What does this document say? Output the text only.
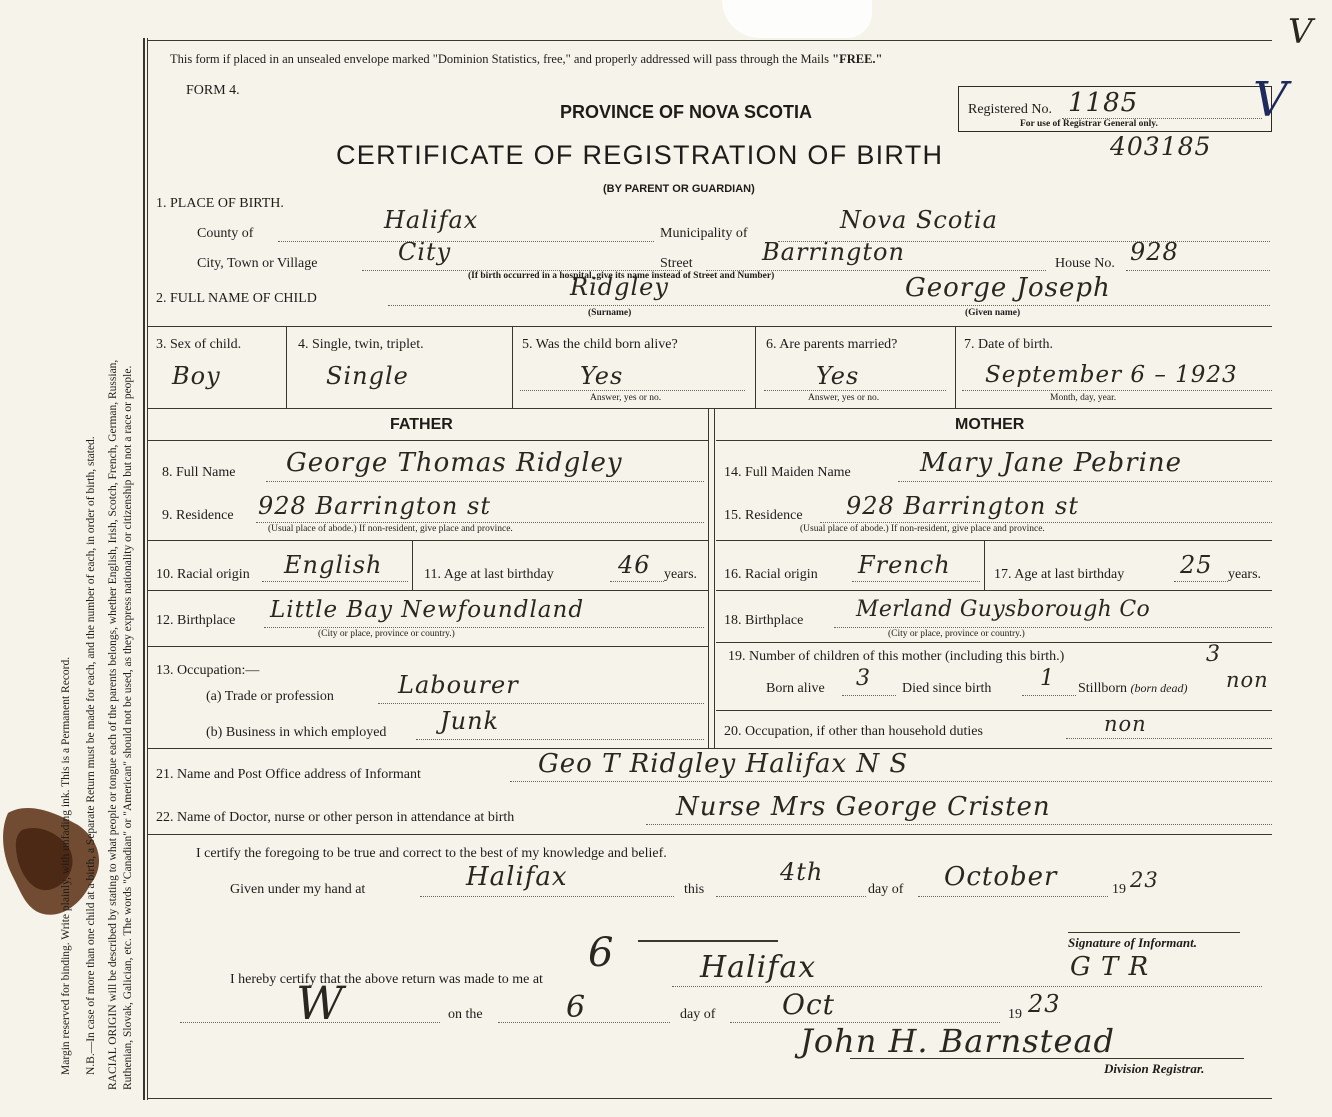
Margin reserved for binding. Write plainly, with unfading ink. This is a Permanent Record. N.B.—In case of more than one child at a birth, a Separate Return must be made for each, and the number of each, in order of birth, stated. RACIAL ORIGIN will be described by stating to what people or tongue each of the parents belongs, whether English, Irish, Scotch, French, German, Russian, Ruthenian, Slovak, Galician, etc. The words "Canadian" or "American" should not be used, as they express nationality or citizenship but not a race or people.
This form if placed in an unsealed envelope marked "Dominion Statistics, free," and properly addressed will pass through the Mails "FREE."
FORM 4.
PROVINCE OF NOVA SCOTIA
CERTIFICATE OF REGISTRATION OF BIRTH	403185
(BY PARENT OR GUARDIAN)
Registered No. 1185
For use of Registrar General only. V
V
1. PLACE OF BIRTH.
County of	Halifax	Municipality of	Nova Scotia
City, Town or Village	City	Street	Barrington
(If birth occurred in a hospital, give its name instead of Street and Number)
House No. 928
2. FULL NAME OF CHILD	Ridgley
(Surname)
George Joseph
(Given name)
3. Sex of child.
Boy
4. Single, twin, triplet.
Single
5. Was the child born alive?
Yes
Answer, yes or no.
6. Are parents married?
Yes
Answer, yes or no.
7. Date of birth.
September 6 – 1923
Month, day, year.
FATHER	MOTHER
8. Full Name George Thomas Ridgley
9. Residence 928 Barrington st
(Usual place of abode.) If non-resident, give place and province.
10. Racial origin English	11. Age at last birthday	46 years.
12. Birthplace Little Bay Newfoundland
(City or place, province or country.)
13. Occupation:—
(a) Trade or profession	Labourer
(b) Business in which employed Junk
14. Full Maiden Name	Mary Jane Pebrine
15. Residence 928 Barrington st
(Usual place of abode.) If non-resident, give place and province.
16. Racial origin French	17. Age at last birthday 25 years.
18. Birthplace Merland Guysborough Co
(City or place, province or country.)
19. Number of children of this mother (including this birth.)	3
Born alive 3 Died since birth 1 Stillborn (born dead) non
20. Occupation, if other than household duties	non
21. Name and Post Office address of Informant	Geo T Ridgley Halifax N S
22. Name of Doctor, nurse or other person in attendance at birth	Nurse Mrs George Cristen
I certify the foregoing to be true and correct to the best of my knowledge and belief.
Given under my hand at	Halifax	this
4th
day of October	19 23
Signature of Informant.
I hereby certify that the above return was made to me at	Halifax	G T R
W
6
on the	6	day of Oct	19 23
John H. Barnstead
Division Registrar.
